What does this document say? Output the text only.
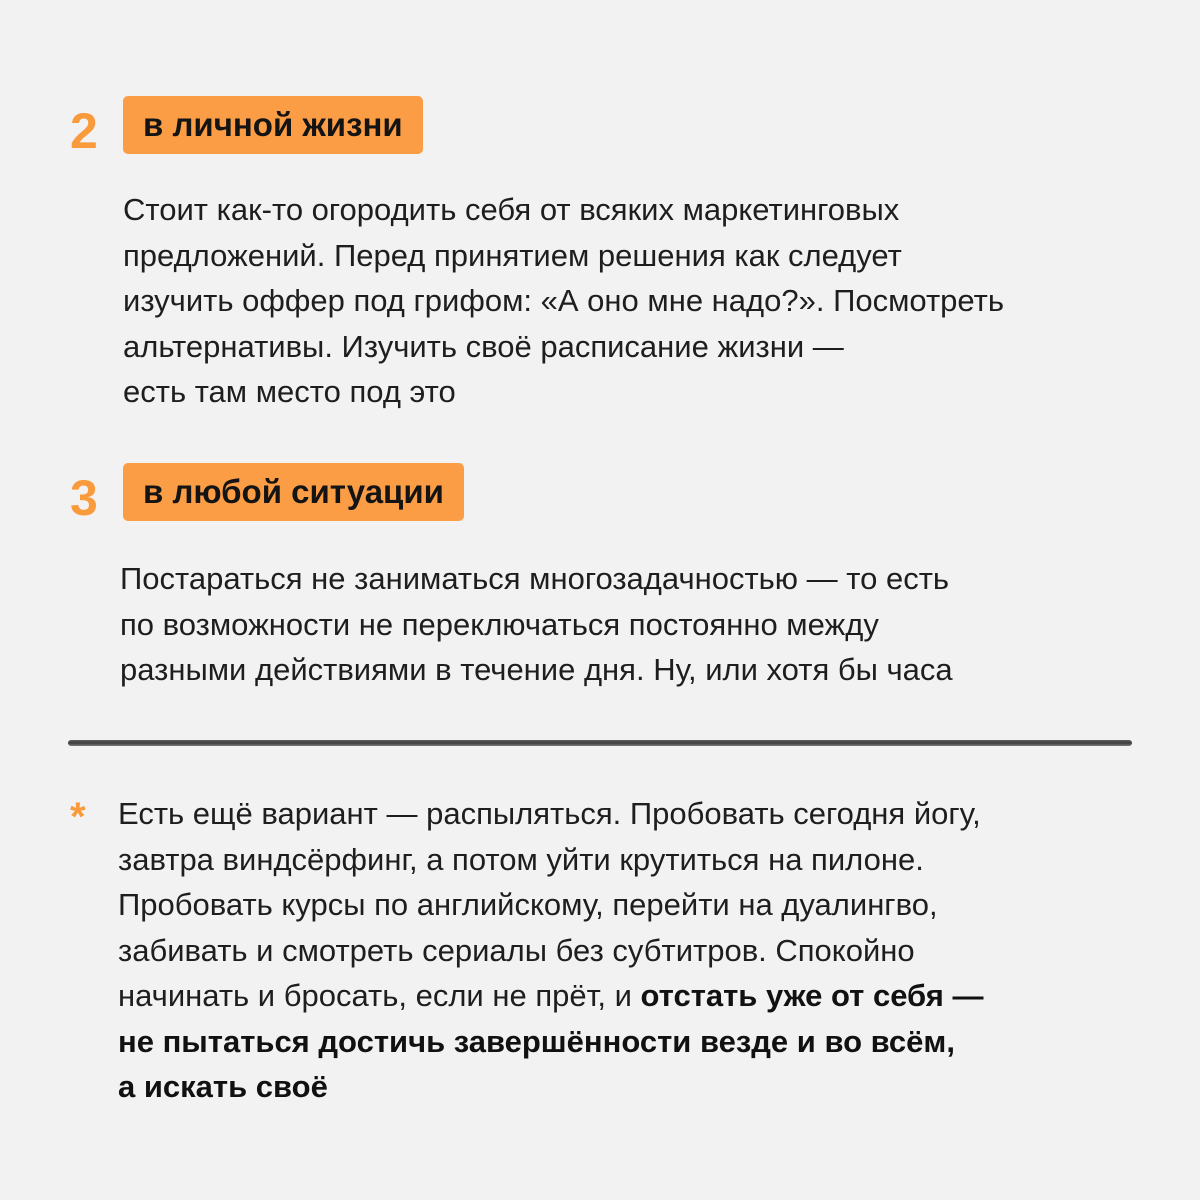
2	в личной жизни

Стоит как-то огородить себя от всяких маркетинговых
предложений. Перед принятием решения как следует
изучить оффер под грифом: «А оно мне надо?». Посмотреть
альтернативы. Изучить своё расписание жизни —
есть там место под это

3	в любой ситуации

Постараться не заниматься многозадачностью — то есть
по возможности не переключаться постоянно между
разными действиями в течение дня. Ну, или хотя бы часа

* Есть ещё вариант — распыляться. Пробовать сегодня йогу,
завтра виндсёрфинг, а потом уйти крутиться на пилоне.
Пробовать курсы по английскому, перейти на дуалингво,
забивать и смотреть сериалы без субтитров. Спокойно
начинать и бросать, если не прёт, и отстать уже от себя —
не пытаться достичь завершённости везде и во всём,
а искать своё
